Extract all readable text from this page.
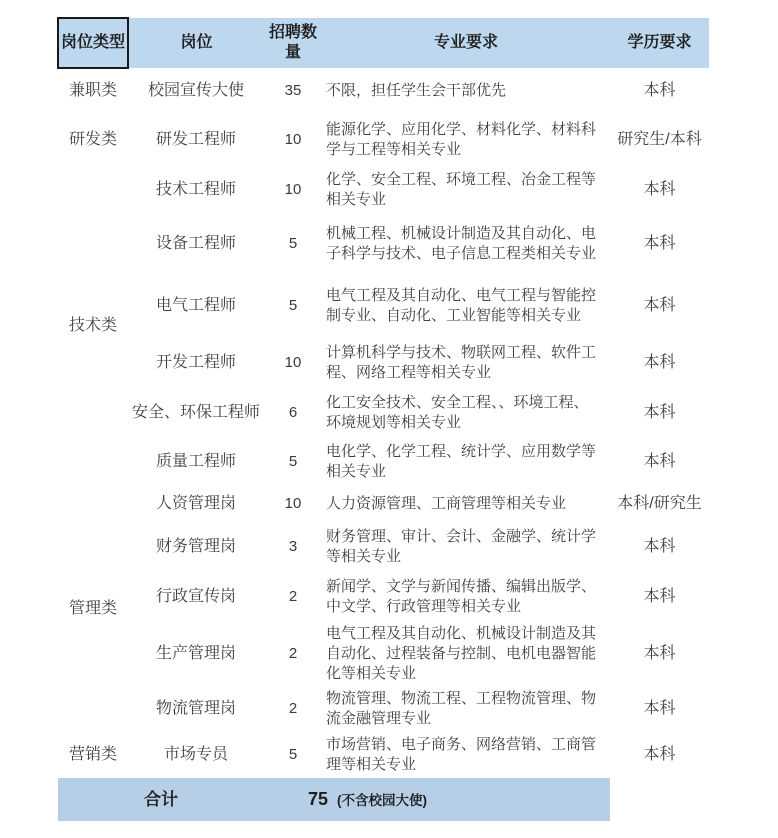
岗位类型	岗位	招聘数量	专业要求	学历要求
兼职类	校园宣传大使	35	不限，担任学生会干部优先	本科
研发类	研发工程师	10	能源化学、应用化学、材料化学、材料科学与工程等相关专业	研究生/本科
技术类	技术工程师	10	化学、安全工程、环境工程、冶金工程等相关专业	本科
	设备工程师	5	机械工程、机械设计制造及其自动化、电子科学与技术、电子信息工程类相关专业	本科
	电气工程师	5	电气工程及其自动化、电气工程与智能控制专业、自动化、工业智能等相关专业	本科
	开发工程师	10	计算机科学与技术、物联网工程、软件工程、网络工程等相关专业	本科
	安全、环保工程师	6	化工安全技术、安全工程、、环境工程、环境规划等相关专业	本科
	质量工程师	5	电化学、化学工程、统计学、应用数学等相关专业	本科
管理类	人资管理岗	10	人力资源管理、工商管理等相关专业	本科/研究生
	财务管理岗	3	财务管理、审计、会计、金融学、统计学等相关专业	本科
	行政宣传岗	2	新闻学、文学与新闻传播、编辑出版学、中文学、行政管理等相关专业	本科
	生产管理岗	2	电气工程及其自动化、机械设计制造及其自动化、过程装备与控制、电机电器智能化等相关专业	本科
	物流管理岗	2	物流管理、物流工程、工程物流管理、物流金融管理专业	本科
营销类	市场专员	5	市场营销、电子商务、网络营销、工商管理等相关专业	本科
合计		75 (不含校园大使)		
